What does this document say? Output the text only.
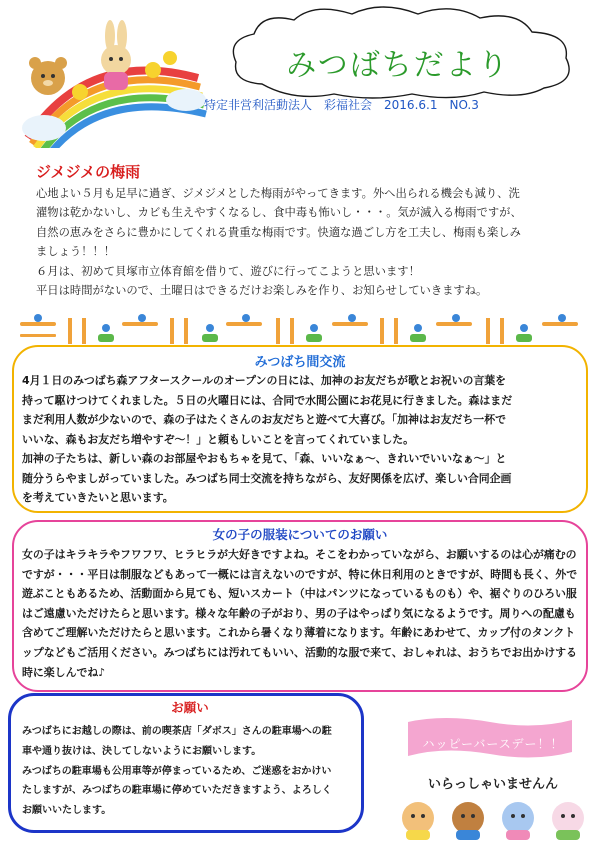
みつばちだより
特定非営利活動法人 彩福社会 2016.6.1 NO.3
ジメジメの梅雨

心地よい５月も足早に過ぎ、ジメジメとした梅雨がやってきます。外へ出られる機会も減り、洗

濯物は乾かないし、カビも生えやすくなるし、食中毒も怖いし・・・。気が滅入る梅雨ですが、

自然の恵みをさらに豊かにしてくれる貴重な梅雨です。快適な過ごし方を工夫し、梅雨も楽しみ

ましょう！！！

６月は、初めて貝塚市立体育館を借りて、遊びに行ってこようと思います！

平日は時間がないので、土曜日はできるだけお楽しみを作り、お知らせしていきますね。

みつばち間交流

4月１日のみつばち森アフタースクールのオープンの日には、加神のお友だちが歌とお祝いの言葉を

持って駆けつけてくれました。５日の火曜日には、合同で水間公園にお花見に行きました。森はまだ

まだ利用人数が少ないので、森の子はたくさんのお友だちと遊べて大喜び。「加神はお友だち一杯で

いいな、森もお友だち増やすぞ～！」と頼もしいことを言ってくれていました。

加神の子たちは、新しい森のお部屋やおもちゃを見て、「森、いいなぁ～、きれいでいいなぁ～」と

随分うらやましがっていました。みつばち同士交流を持ちながら、友好関係を広げ、楽しい合同企画

を考えていきたいと思います。

女の子の服装についてのお願い
女の子はキラキラやフワフワ、ヒラヒラが大好きですよね。そこをわかっていながら、お願いするのは心が痛むのですが・・・平日は制服などもあって一概には言えないのですが、特に休日利用のときですが、時間も長く、外で遊ぶこともあるため、活動面から見ても、短いスカート（中はパンツになっているものも）や、裾ぐりのひろい服はご遠慮いただけたらと思います。様々な年齢の子がおり、男の子はやっぱり気になるようです。周りへの配慮も含めてご理解いただけたらと思います。これから暑くなり薄着になります。年齢にあわせて、カップ付のタンクトップなどもご活用ください。みつばちには汚れてもいい、活動的な服で来て、おしゃれは、おうちでお出かけする時に楽しんでね♪
お願い

みつばちにお越しの際は、前の喫茶店「ダボス」さんの駐車場への駐

車や通り抜けは、決してしないようにお願いします。

みつばちの駐車場も公用車等が停まっているため、ご迷惑をおかけい

たしますが、みつばちの駐車場に停めていただきますよう、よろしく

お願いいたします。

ハッピーバースデー！！
いらっしゃいませんん
